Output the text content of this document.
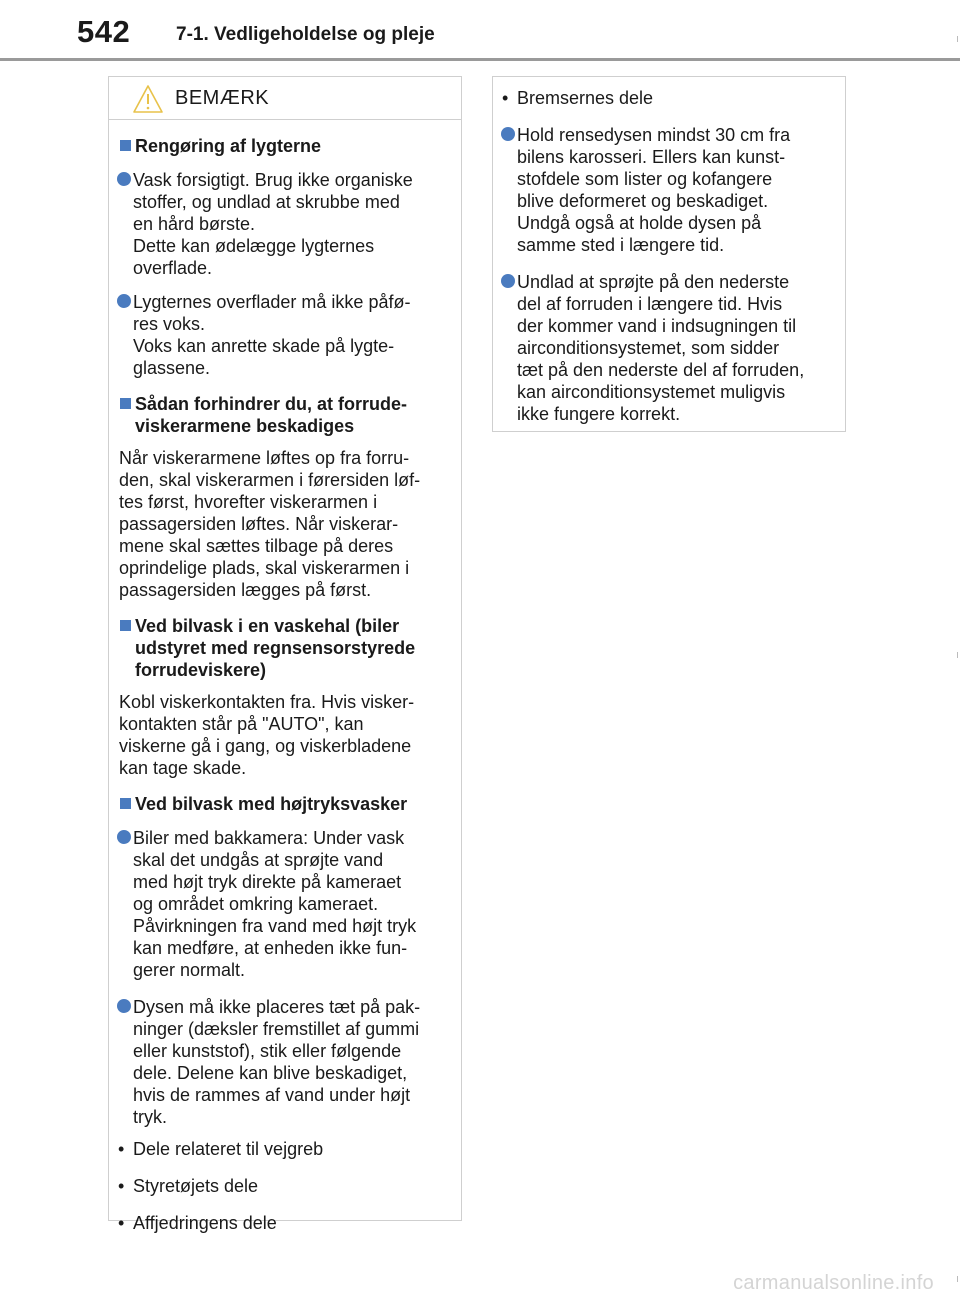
542 7-1. Vedligeholdelse og pleje
BEMÆRK
Rengøring af lygterne
Vask forsigtigt. Brug ikke organiske
stoffer, og undlad at skrubbe med
en hård børste.
Dette kan ødelægge lygternes
overflade.
Lygternes overflader må ikke påfø-
res voks.
Voks kan anrette skade på lygte-
glassene.
Sådan forhindrer du, at forrude-
viskerarmene beskadiges
Når viskerarmene løftes op fra forru-
den, skal viskerarmen i førersiden løf-
tes først, hvorefter viskerarmen i
passagersiden løftes. Når viskerar-
mene skal sættes tilbage på deres
oprindelige plads, skal viskerarmen i
passagersiden lægges på først.
Ved bilvask i en vaskehal (biler
udstyret med regnsensorstyrede
forrudeviskere)
Kobl viskerkontakten fra. Hvis visker-
kontakten står på "AUTO", kan
viskerne gå i gang, og viskerbladene
kan tage skade.
Ved bilvask med højtryksvasker
Biler med bakkamera: Under vask
skal det undgås at sprøjte vand
med højt tryk direkte på kameraet
og området omkring kameraet.
Påvirkningen fra vand med højt tryk
kan medføre, at enheden ikke fun-
gerer normalt.
Dysen må ikke placeres tæt på pak-
ninger (dæksler fremstillet af gummi
eller kunststof), stik eller følgende
dele. Delene kan blive beskadiget,
hvis de rammes af vand under højt
tryk.
• Dele relateret til vejgreb
• Styretøjets dele
• Affjedringens dele
• Bremsernes dele
Hold rensedysen mindst 30 cm fra
bilens karosseri. Ellers kan kunst-
stofdele som lister og kofangere
blive deformeret og beskadiget.
Undgå også at holde dysen på
samme sted i længere tid.
Undlad at sprøjte på den nederste
del af forruden i længere tid. Hvis
der kommer vand i indsugningen til
airconditionsystemet, som sidder
tæt på den nederste del af forruden,
kan airconditionsystemet muligvis
ikke fungere korrekt.
carmanualsonline.info
